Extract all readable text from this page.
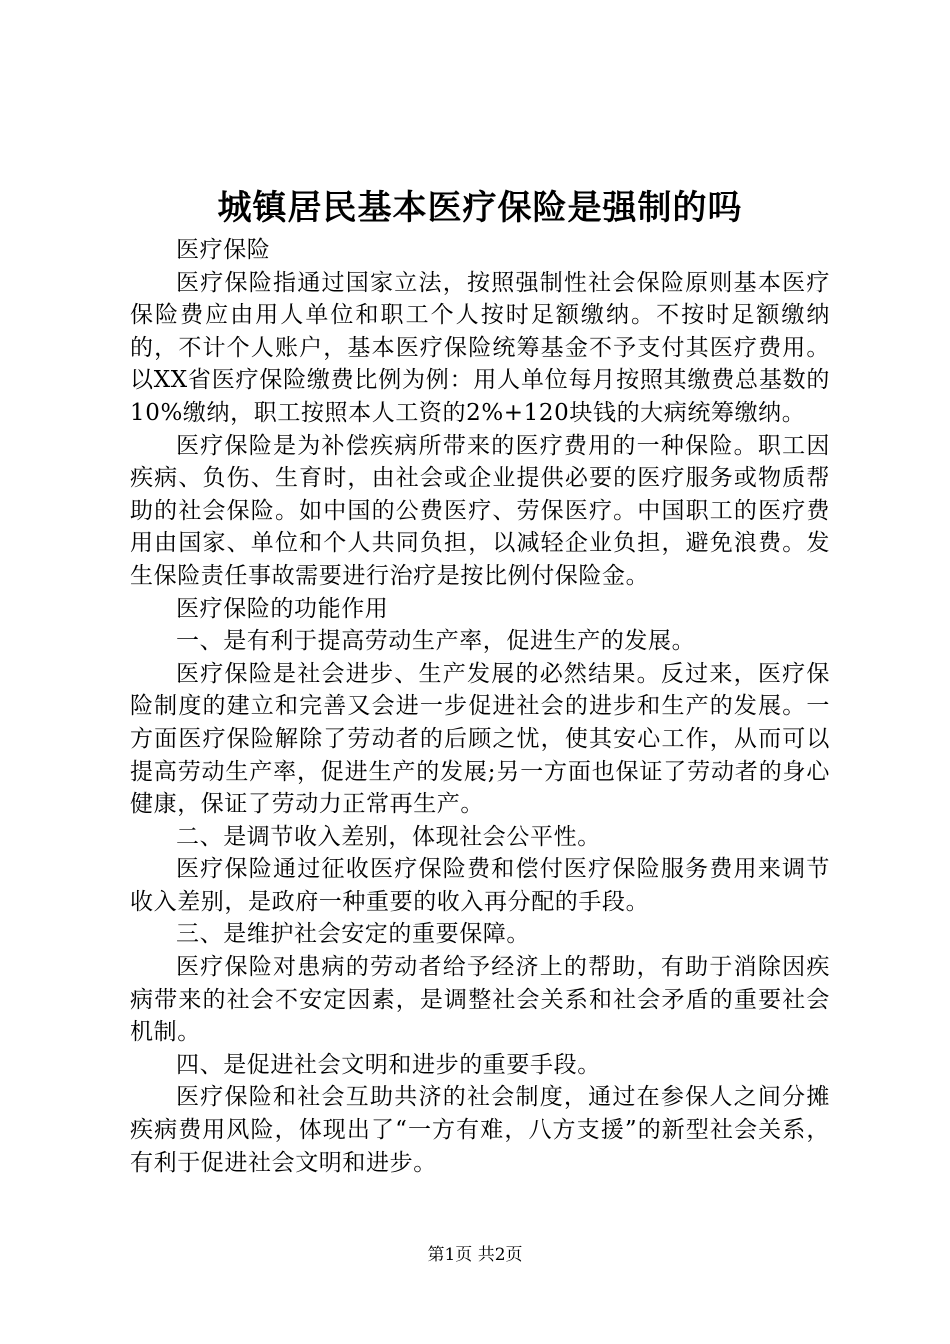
城镇居民基本医疗保险是强制的吗

医疗保险

医疗保险指通过国家立法，按照强制性社会保险原则基本医疗保险费应由用人单位和职工个人按时足额缴纳。不按时足额缴纳的，不计个人账户，基本医疗保险统筹基金不予支付其医疗费用。以XX省医疗保险缴费比例为例：用人单位每月按照其缴费总基数的10%缴纳，职工按照本人工资的2%+120块钱的大病统筹缴纳。

医疗保险是为补偿疾病所带来的医疗费用的一种保险。职工因疾病、负伤、生育时，由社会或企业提供必要的医疗服务或物质帮助的社会保险。如中国的公费医疗、劳保医疗。中国职工的医疗费用由国家、单位和个人共同负担，以减轻企业负担，避免浪费。发生保险责任事故需要进行治疗是按比例付保险金。

医疗保险的功能作用

一、是有利于提高劳动生产率，促进生产的发展。

医疗保险是社会进步、生产发展的必然结果。反过来，医疗保险制度的建立和完善又会进一步促进社会的进步和生产的发展。一方面医疗保险解除了劳动者的后顾之忧，使其安心工作，从而可以提高劳动生产率，促进生产的发展;另一方面也保证了劳动者的身心健康，保证了劳动力正常再生产。

二、是调节收入差别，体现社会公平性。

医疗保险通过征收医疗保险费和偿付医疗保险服务费用来调节收入差别，是政府一种重要的收入再分配的手段。

三、是维护社会安定的重要保障。

医疗保险对患病的劳动者给予经济上的帮助，有助于消除因疾病带来的社会不安定因素，是调整社会关系和社会矛盾的重要社会机制。

四、是促进社会文明和进步的重要手段。

医疗保险和社会互助共济的社会制度，通过在参保人之间分摊疾病费用风险，体现出了“一方有难，八方支援”的新型社会关系，有利于促进社会文明和进步。

第1页 共2页
